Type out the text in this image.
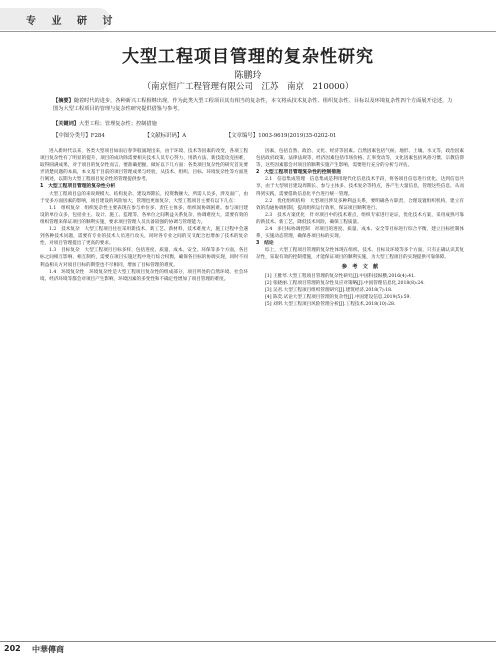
专 业 研 讨
大型工程项目管理的复杂性研究
陈鹏玲
（南京恒广工程管理有限公司　江苏　南京　210000）
【摘要】随着时代的进步，各种新兴工程相继出现，作为此类大型工程项目其有相当的复杂性，本文将从技术复杂性、组织复杂性、目标以及环境复杂性四个方面展开论述，力图为大型工程项目的管理与复杂性研究提供借鉴与参考。
【关键词】大型工程；管理复杂性；控制措施
【中图分类号】F284	【文献标识码】A	【文章编号】1003-9619(2019)35-0202-01

进入新时代以来，各类大型项目如雨后春笋般涌现出来，由于环境、技术等因素的改变，各项工程项目复杂性有了明显的提升，项目的成功除需要相关技术人员专心努力、用新方法、新技能攻克困难，取得圆满成果，对于项目的复杂性而言，要准确把握，做好以下几方面：各类项目复杂性的研究首先要弄清楚问题的本质，本文基于目前的项目管理成果与经验，从技术、组织、目标、环境复杂性等方面进行阐述，以期为大型工程项目复杂性的管理提供参考。

1　大型工程项目管理的复杂性分析

大型工程项目总的来说规模大、结构复杂、建设周期长，投资数额大、所需人员多，涉及面广，由于受多方面因素的影响，项目建设的风险加大，管理也更加复杂，大型工程项目主要有以下几点：

1.1　组织复杂　组织复杂性主要表现在参与单位多、责任主体多，组织间协调困难。参与项目建设的单位众多，包括业主、设计、施工、监理等，各单位之间利益关系复杂，协调难度大，需要有效的组织管理来保证项目的顺利实施，要求项目管理人员具备较强的协调与管理能力。

1.2　技术复杂　大型工程项目往往采用新技术、新工艺、新材料，技术难度大，施工过程中会遇到各种技术问题，需要有专业的技术人员进行攻关，同时各专业之间的交叉配合也增加了技术的复杂性，对项目管理提出了更高的要求。

1.3　目标复杂　大型工程项目目标多样，包括进度、质量、成本、安全、环保等多个方面，各目标之间相互影响、相互制约，需要在项目实施过程中进行综合权衡，确保各目标的协调实现，同时不同利益相关方对项目目标的期望也不尽相同，增加了目标管理的难度。

1.4　环境复杂性　环境复杂性是大型工程项目复杂性的组成部分，项目所处的自然环境、社会环境、经济环境等都会对项目产生影响，环境因素的多变性和不确定性增加了项目管理的难度。

因素，包括自然、政治、文化、经济等因素。自然因素包括气候、地形、土壤、水文等，政治因素包括政府政策、法律法规等，经济因素包括市场价格、汇率变动等，文化因素包括风俗习惯、宗教信仰等，这些因素都会对项目的顺利实施产生影响，需要进行充分的分析与评估。

2　大型工程项目管理复杂性的控制措施

2.1　信息集成管理　信息集成是利用现代化信息技术手段，将各项目信息进行优化、达到信息共享，由于大型项目建设周期长、参与主体多、技术复杂等特点，各产生大量信息，管理这些信息，从而得到实践，需要借助信息化平台进行统一管理。

2.2　优化组织结构　大型项目涉及多种利益关系，要明确各方职责，合理设置组织机构，建立有效的沟通协调机制，提高组织运行效率，保证项目顺利进行。

2.3　技术方案优化　针对项目中的技术难点，组织专家进行论证，优化技术方案，采用成熟可靠的新技术、新工艺，降低技术风险，确保工程质量。

2.4　多目标协调控制　对项目的进度、质量、成本、安全等目标进行综合平衡，建立目标控制体系，实施动态管理，确保各项目标的实现。

3　结论

综上，大型工程项目管理的复杂性体现在组织、技术、目标及环境等多个方面，只有正确认识其复杂性，采取有效的控制措施，才能保证项目的顺利实施，为大型工程项目的实现提供可靠保障。

参　考　文　献

[1] 王雅琴.大型工程项目管理的复杂性研究[J].中国科技纵横,2016(4):41.

[2] 张晓丽.工程项目管理的复杂性及应对策略[J].中国管理信息化,2018(8):24.

[3] 吴君.大型工程项目组织管理研究[J].建筑经济,2018(7):18.

[4] 陈奕.试论大型工程项目管理的复杂性[J].中国建设信息,2019(5):59.

[5] 刘明.大型工程项目风险管理分析[J].工程技术,2018(10):28.

202 中華傳商
